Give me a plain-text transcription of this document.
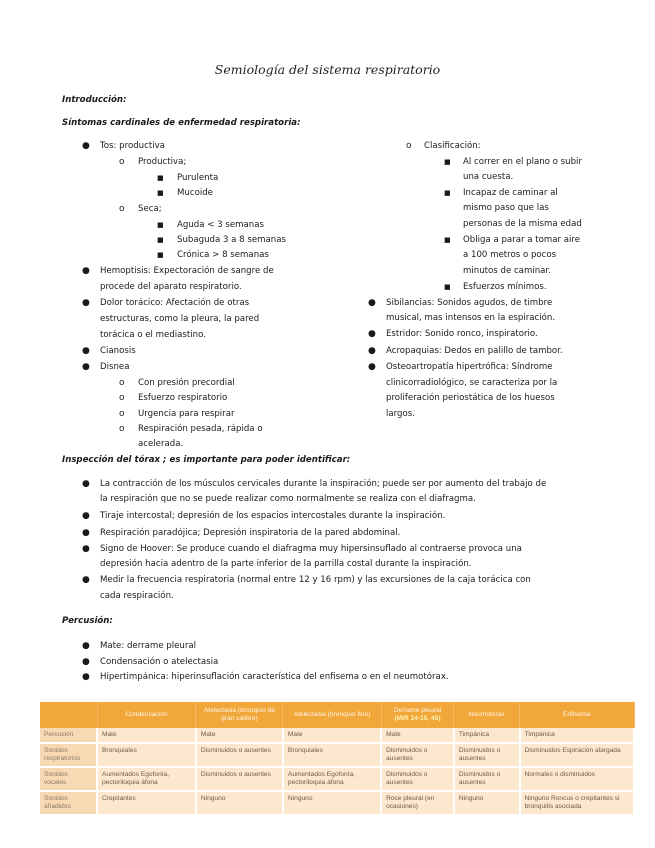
Semiología del sistema respiratorio
Introducción:
Síntomas cardinales de enfermedad respiratoria:
● Tos: productiva
o Productiva;
■ Purulenta
■ Mucoide
o Seca;
■ Aguda < 3 semanas
■ Subaguda 3 a 8 semanas
■ Crónica > 8 semanas
● Hemoptisis: Expectoración de sangre de
procede del aparato respiratorio.
● Dolor torácico: Afectación de otras
estructuras, como la pleura, la pared
torácica o el mediastino.
● Cianosis
● Disnea
o Con presión precordial
o Esfuerzo respiratorio
o Urgencia para respirar
o Respiración pesada, rápida o
acelerada.
o Clasificación:
■ Al correr en el plano o subir
una cuesta.
■ Incapaz de caminar al
mismo paso que las
personas de la misma edad
■ Obliga a parar a tomar aire
a 100 metros o pocos
minutos de caminar.
■ Esfuerzos mínimos.
● Sibilancias: Sonidos agudos, de timbre
musical, mas intensos en la espiración.
● Estridor: Sonido ronco, inspiratorio.
● Acropaquias: Dedos en palillo de tambor.
● Osteoartropatía hipertrófica: Síndrome
clinicorradiológico, se caracteriza por la
proliferación periostática de los huesos
largos.
Inspección del tórax ; es importante para poder identificar:
● La contracción de los músculos cervicales durante la inspiración; puede ser por aumento del trabajo de
la respiración que no se puede realizar como normalmente se realiza con el diafragma.
● Tiraje intercostal; depresión de los espacios intercostales durante la inspiración.
● Respiración paradójica; Depresión inspiratoria de la pared abdominal.
● Signo de Hoover: Se produce cuando el diafragma muy hipersinsuflado al contraerse provoca una
depresión hacia adentro de la parte inferior de la parrilla costal durante la inspiración.
● Medir la frecuencia respiratoria (normal entre 12 y 16 rpm) y las excursiones de la caja torácica con
cada respiración.
Percusión:
● Mate: derrame pleural
● Condensación o atelectasia
● Hipertimpánica: hiperinsuflación característica del enfisema o en el neumotórax.
	Condensación	Atelectasia (bronquio de gran calibre)	Atelectasia (bronquio fino)	Derrame pleural
(MIR 14-15, 45)	Neumotórax	Enfisema
Percusión	Mate	Mate	Mate	Mate	Timpánica	Timpánica
Sonidos respiratorios	Bronquiales	Disminuidos o ausentes	Bronquiales	Disminuidos o ausentes	Disminuidos o ausentes	Disminuidos Espiración alargada
Sonidos vocales	Aumentados Egofonía, pectoriloquia áfona	Disminuidos o ausentes	Aumentados Egofonía, pectoriloquia áfona	Disminuidos o ausentes	Disminuidos o ausentes	Normales o disminuidos
Sonidos añadidos	Crepitantes	Ninguno	Ninguno	Roce pleural (en ocasiones)	Ninguno	Ninguno Roncus o crepitantes si bronquitis asociada
